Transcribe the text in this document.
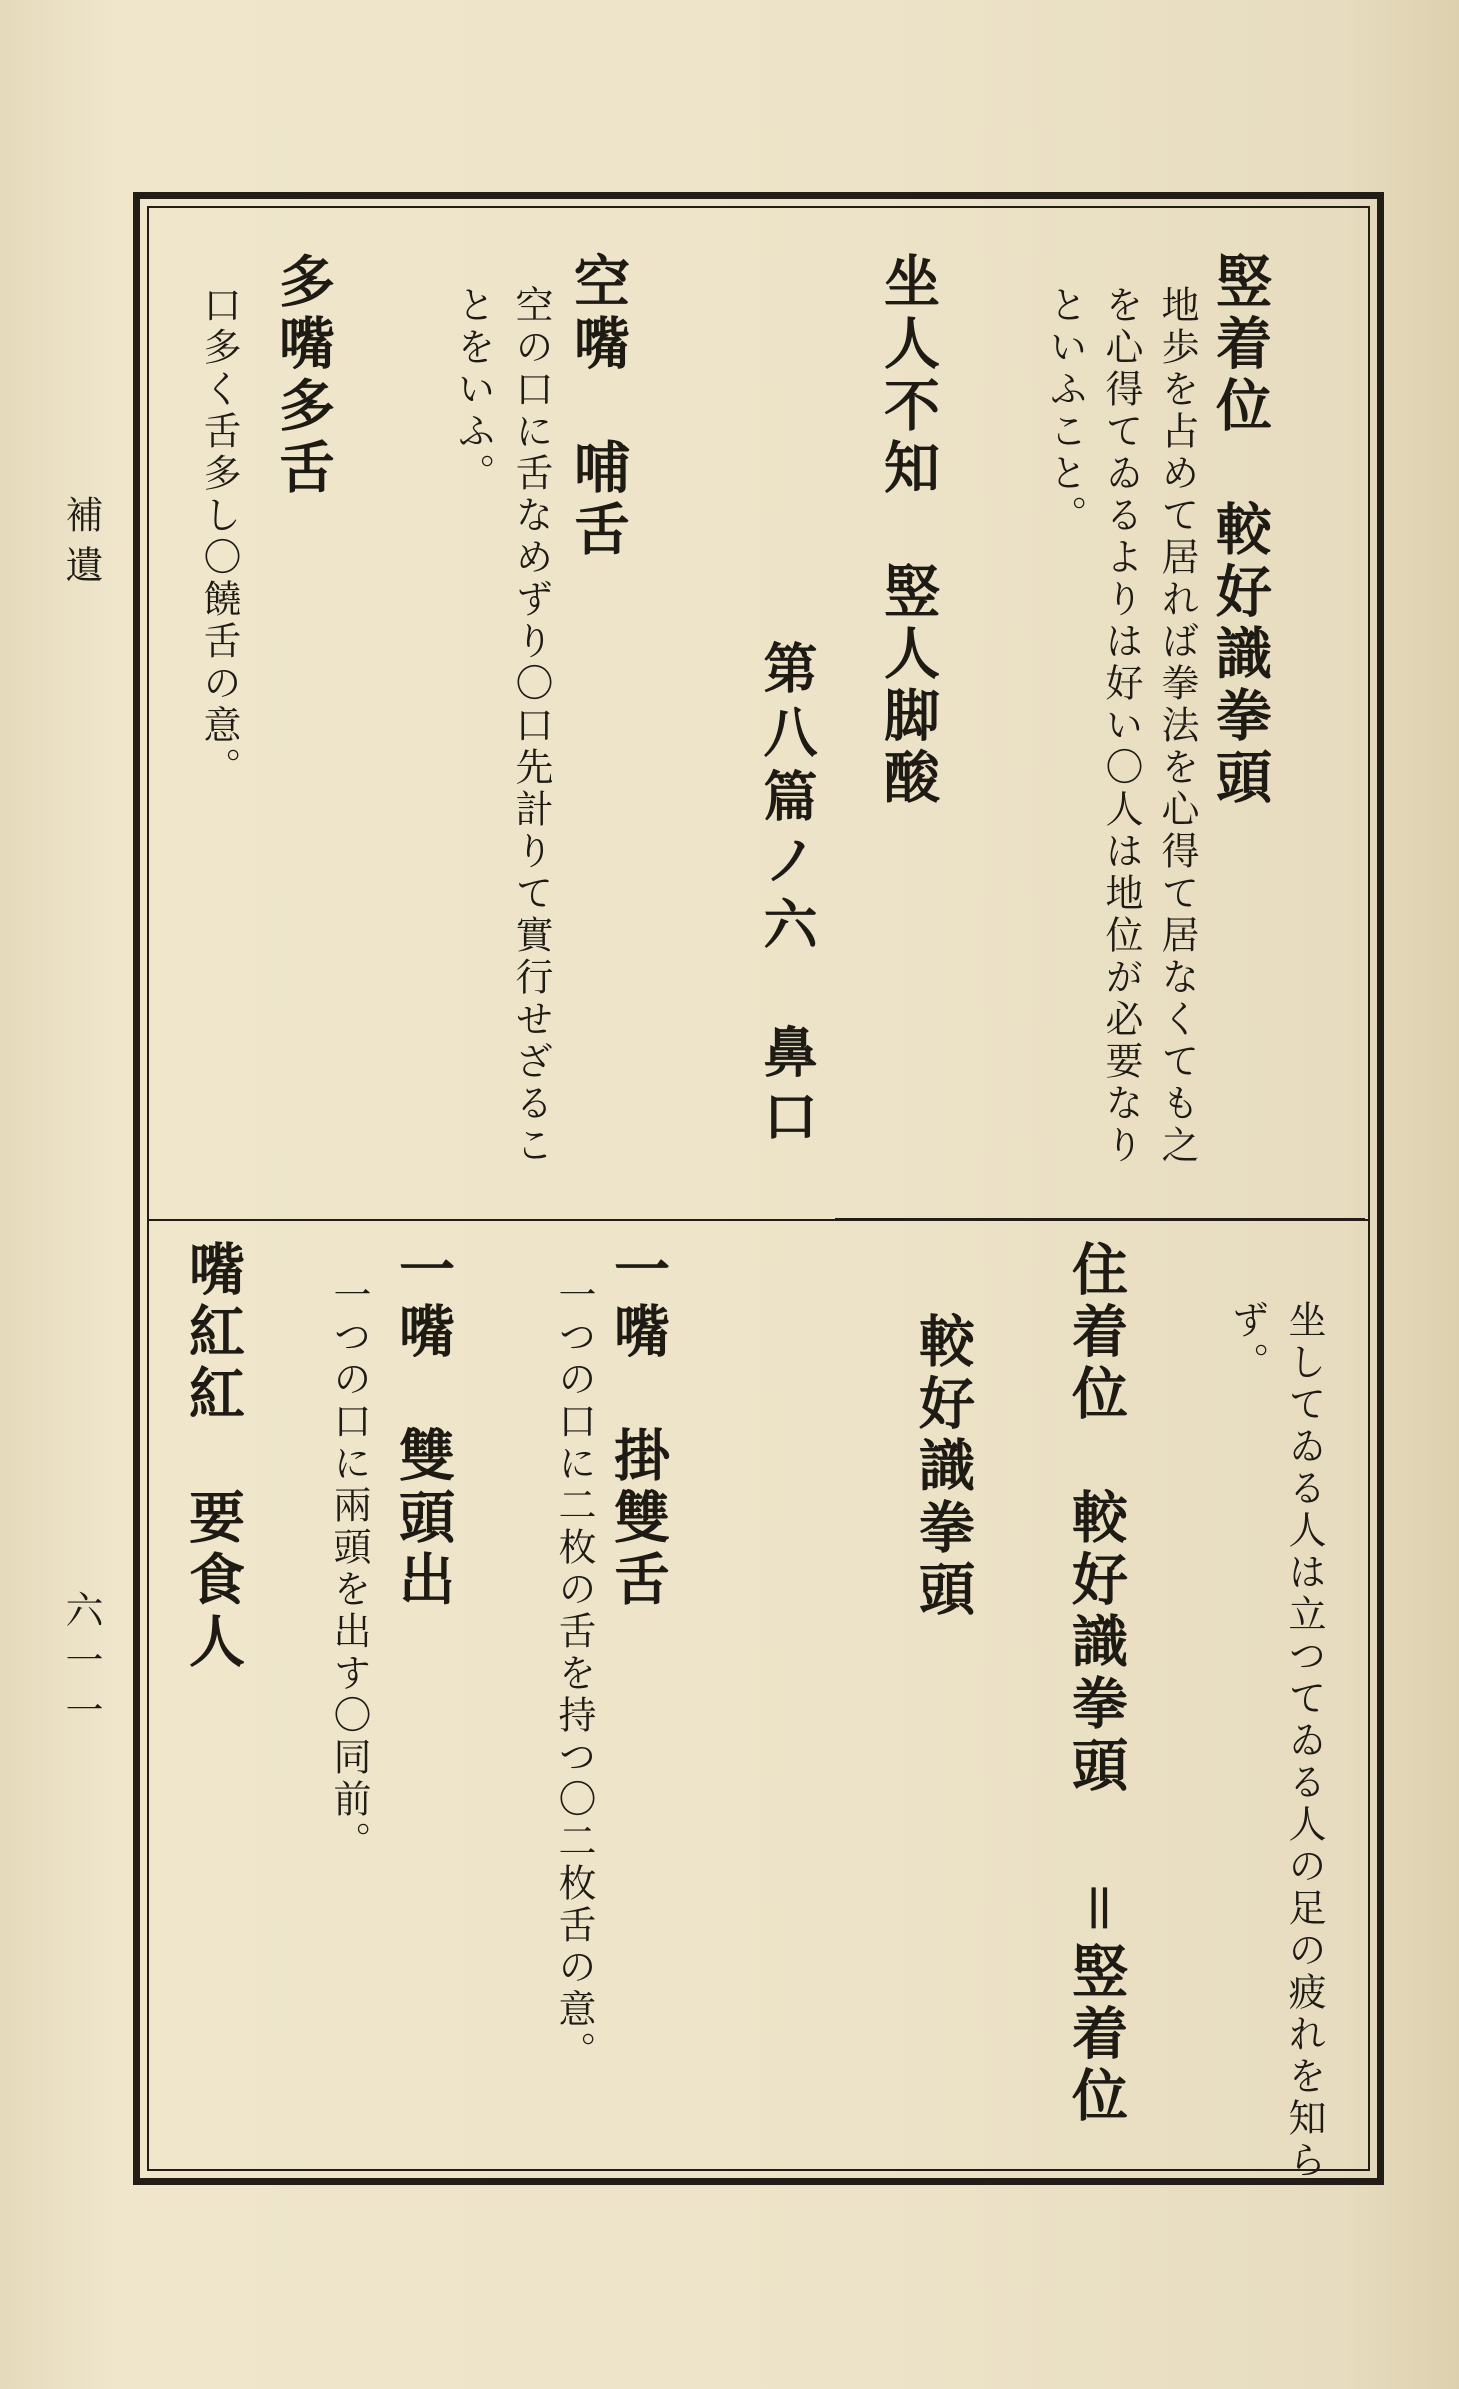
補遺
六一一
竪着位　較好識拳頭
地歩を占めて居れば拳法を心得て居なくても之
を心得てゐるよりは好い〇人は地位が必要なり
といふこと。
坐人不知　竪人脚酸
第八篇ノ六　鼻口
空嘴　哺舌
空の口に舌なめずり〇口先計りて實行せざるこ
とをいふ。
多嘴多舌
口多く舌多し〇饒舌の意。
坐してゐる人は立つてゐる人の足の疲れを知ら
ず。
住着位　較好識拳頭
＝竪着位
較好識拳頭
一嘴　掛雙舌
一つの口に二枚の舌を持つ〇二枚舌の意。
一嘴　雙頭出
一つの口に兩頭を出す〇同前。
嘴紅紅　要食人
